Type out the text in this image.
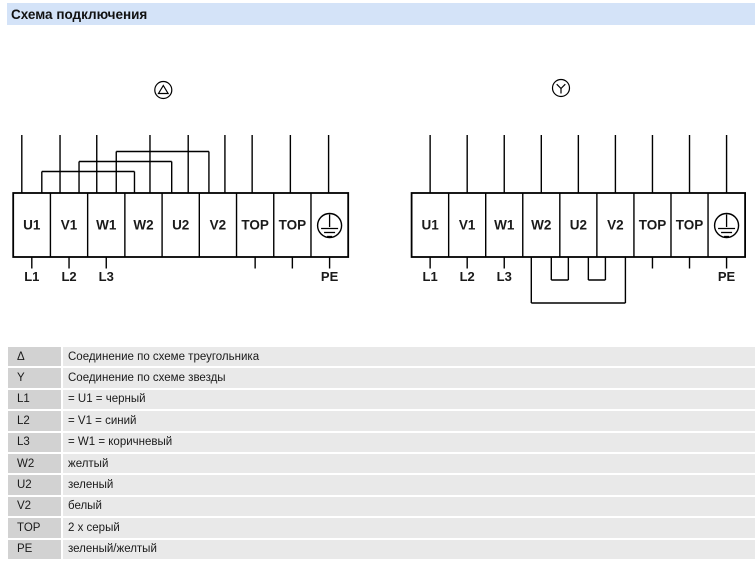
Схема подключения
U1 V1 W1 W2 U2 V2 TOP TOP
L1 L2 L3	PE
U1 V1 W1 W2 U2 V2 TOP TOP
L1 L2 L3	PE
Δ	Соединение по схеме треугольника
Y	Соединение по схеме звезды
L1	= U1 = черный
L2	= V1 = синий
L3	= W1 = коричневый
W2	желтый
U2	зеленый
V2	белый
TOP	2 x серый
PE	зеленый/желтый
